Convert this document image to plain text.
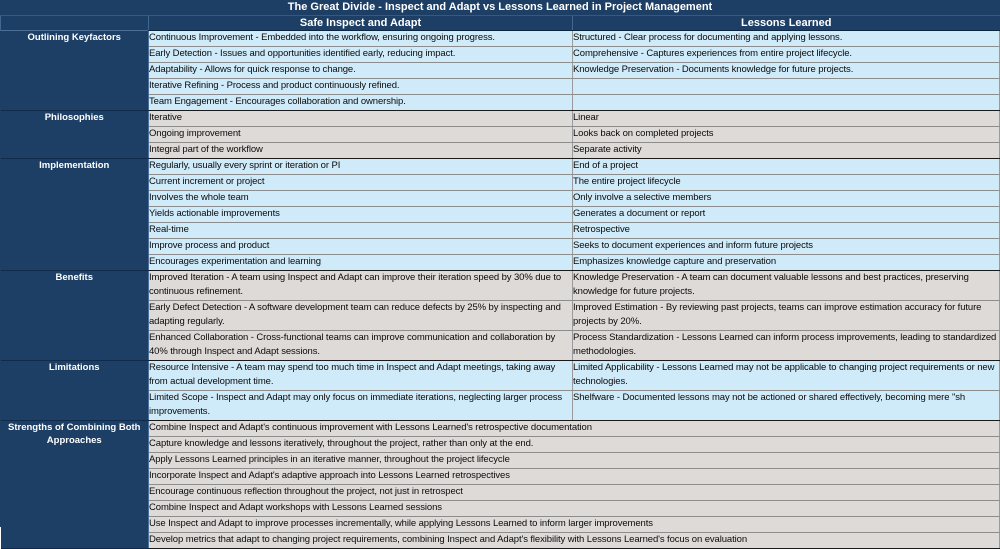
The Great Divide - Inspect and Adapt vs Lessons Learned in Project Management		
	Safe Inspect and Adapt	Lessons Learned
Outlining Keyfactors	Continuous Improvement - Embedded into the workflow, ensuring ongoing progress.	Structured - Clear process for documenting and applying lessons.
	Early Detection - Issues and opportunities identified early, reducing impact.	Comprehensive - Captures experiences from entire project lifecycle.
	Adaptability - Allows for quick response to change.	Knowledge Preservation - Documents knowledge for future projects.
	Iterative Refining - Process and product continuously refined.	
	Team Engagement - Encourages collaboration and ownership.	
Philosophies	Iterative	Linear
	Ongoing improvement	Looks back on completed projects
	Integral part of the workflow	Separate activity
Implementation	Regularly, usually every sprint or iteration or PI	End of a project
	Current increment or project	The entire project lifecycle
	Involves the whole team	Only involve a selective members
	Yields actionable improvements	Generates a document or report
	Real-time	Retrospective
	Improve process and product	Seeks to document experiences and inform future projects
	Encourages experimentation and learning	Emphasizes knowledge capture and preservation
Benefits	Improved Iteration - A team using Inspect and Adapt can improve their iteration speed by 30% due to continuous refinement.	Knowledge Preservation - A team can document valuable lessons and best practices, preserving knowledge for future projects.
	Early Defect Detection - A software development team can reduce defects by 25% by inspecting and adapting regularly.	Improved Estimation - By reviewing past projects, teams can improve estimation accuracy for future projects by 20%.
	Enhanced Collaboration - Cross-functional teams can improve communication and collaboration by 40% through Inspect and Adapt sessions.	Process Standardization - Lessons Learned can inform process improvements, leading to standardized methodologies.
Limitations	Resource Intensive - A team may spend too much time in Inspect and Adapt meetings, taking away from actual development time.	Limited Applicability - Lessons Learned may not be applicable to changing project requirements or new technologies.
	Limited Scope - Inspect and Adapt may only focus on immediate iterations, neglecting larger process improvements.	Shelfware - Documented lessons may not be actioned or shared effectively, becoming mere "sh
Strengths of Combining Both Approaches	Combine Inspect and Adapt's continuous improvement with Lessons Learned's retrospective documentation	
	Capture knowledge and lessons iteratively, throughout the project, rather than only at the end.	
	Apply Lessons Learned principles in an iterative manner, throughout the project lifecycle	
	Incorporate Inspect and Adapt's adaptive approach into Lessons Learned retrospectives	
	Encourage continuous reflection throughout the project, not just in retrospect	
	Combine Inspect and Adapt workshops with Lessons Learned sessions	
	Use Inspect and Adapt to improve processes incrementally, while applying Lessons Learned to inform larger improvements	
	Develop metrics that adapt to changing project requirements, combining Inspect and Adapt's flexibility with Lessons Learned's focus on evaluation	
